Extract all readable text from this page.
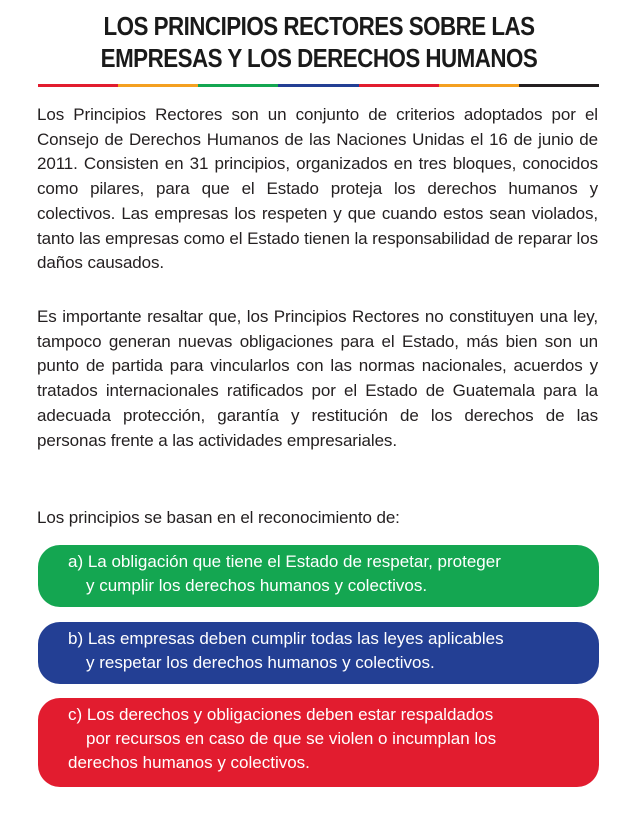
LOS PRINCIPIOS RECTORES SOBRE LAS
EMPRESAS Y LOS DERECHOS HUMANOS

Los Principios Rectores son un conjunto de criterios adoptados por el Consejo de Derechos Humanos de las Naciones Unidas el 16 de junio de 2011. Consisten en 31 principios, organizados en tres bloques, conocidos como pilares, para que el Estado proteja los derechos humanos y colectivos. Las empresas los respeten y que cuando estos sean violados, tanto las empresas como el Estado tienen la responsabilidad de reparar los daños causados.

Es importante resaltar que, los Principios Rectores no constituyen una ley, tampoco generan nuevas obligaciones para el Estado, más bien son un punto de partida para vincularlos con las normas nacionales, acuerdos y tratados internacionales ratificados por el Estado de Guatemala para la adecuada protección, garantía y restitución de los derechos de las personas frente a las actividades empresariales.

Los principios se basan en el reconocimiento de:

a) La obligación que tiene el Estado de respetar, proteger
y cumplir los derechos humanos y colectivos.
b) Las empresas deben cumplir todas las leyes aplicables
y respetar los derechos humanos y colectivos.
c) Los derechos y obligaciones deben estar respaldados
por recursos en caso de que se violen o incumplan los
derechos humanos y colectivos.
